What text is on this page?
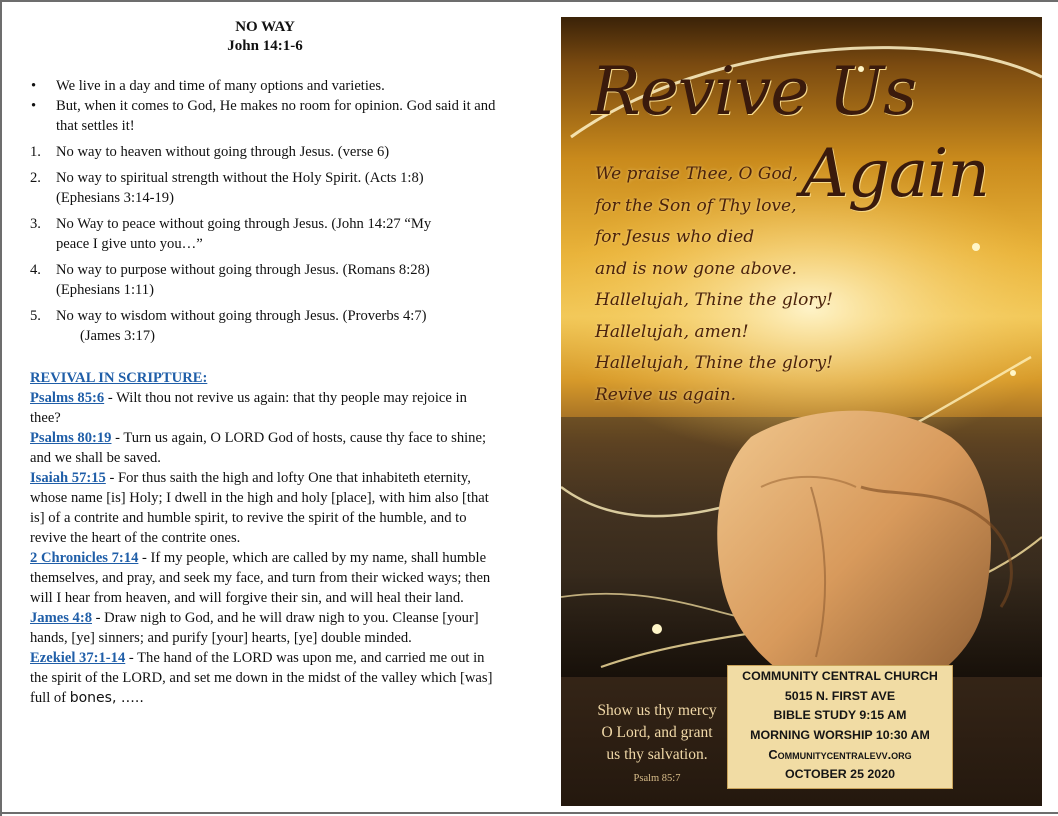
NO WAY
John 14:1-6
• We live in a day and time of many options and varieties.
• But, when it comes to God, He makes no room for opinion. God said it and that settles it!
1. No way to heaven without going through Jesus. (verse 6)
2. No way to spiritual strength without the Holy Spirit. (Acts 1:8)
(Ephesians 3:14-19)
3. No Way to peace without going through Jesus. (John 14:27 “My
peace I give unto you…”
4. No way to purpose without going through Jesus. (Romans 8:28)
(Ephesians 1:11)
5. No way to wisdom without going through Jesus. (Proverbs 4:7)
(James 3:17)
REVIVAL IN SCRIPTURE:
Psalms 85:6 - Wilt thou not revive us again: that thy people may rejoice in thee?
Psalms 80:19 - Turn us again, O LORD God of hosts, cause thy face to shine; and we shall be saved.
Isaiah 57:15 - For thus saith the high and lofty One that inhabiteth eternity, whose name [is] Holy; I dwell in the high and holy [place], with him also [that is] of a contrite and humble spirit, to revive the spirit of the humble, and to revive the heart of the contrite ones.
2 Chronicles 7:14 - If my people, which are called by my name, shall humble themselves, and pray, and seek my face, and turn from their wicked ways; then will I hear from heaven, and will forgive their sin, and will heal their land.
James 4:8 - Draw nigh to God, and he will draw nigh to you. Cleanse [your] hands, [ye] sinners; and purify [your] hearts, [ye] double minded.
Ezekiel 37:1-14 - The hand of the LORD was upon me, and carried me out in the spirit of the LORD, and set me down in the midst of the valley which [was] full of bones, …..
Revive Us
Again
We praise Thee, O God,
for the Son of Thy love,
for Jesus who died
and is now gone above.
Hallelujah, Thine the glory!
Hallelujah, amen!
Hallelujah, Thine the glory!
Revive us again.
Show us thy mercy
O Lord, and grant
us thy salvation.
Psalm 85:7
COMMUNITY CENTRAL CHURCH
5015 N. FIRST AVE
BIBLE STUDY 9:15 AM
MORNING WORSHIP 10:30 AM
Communitycentralevv.org
OCTOBER 25 2020
